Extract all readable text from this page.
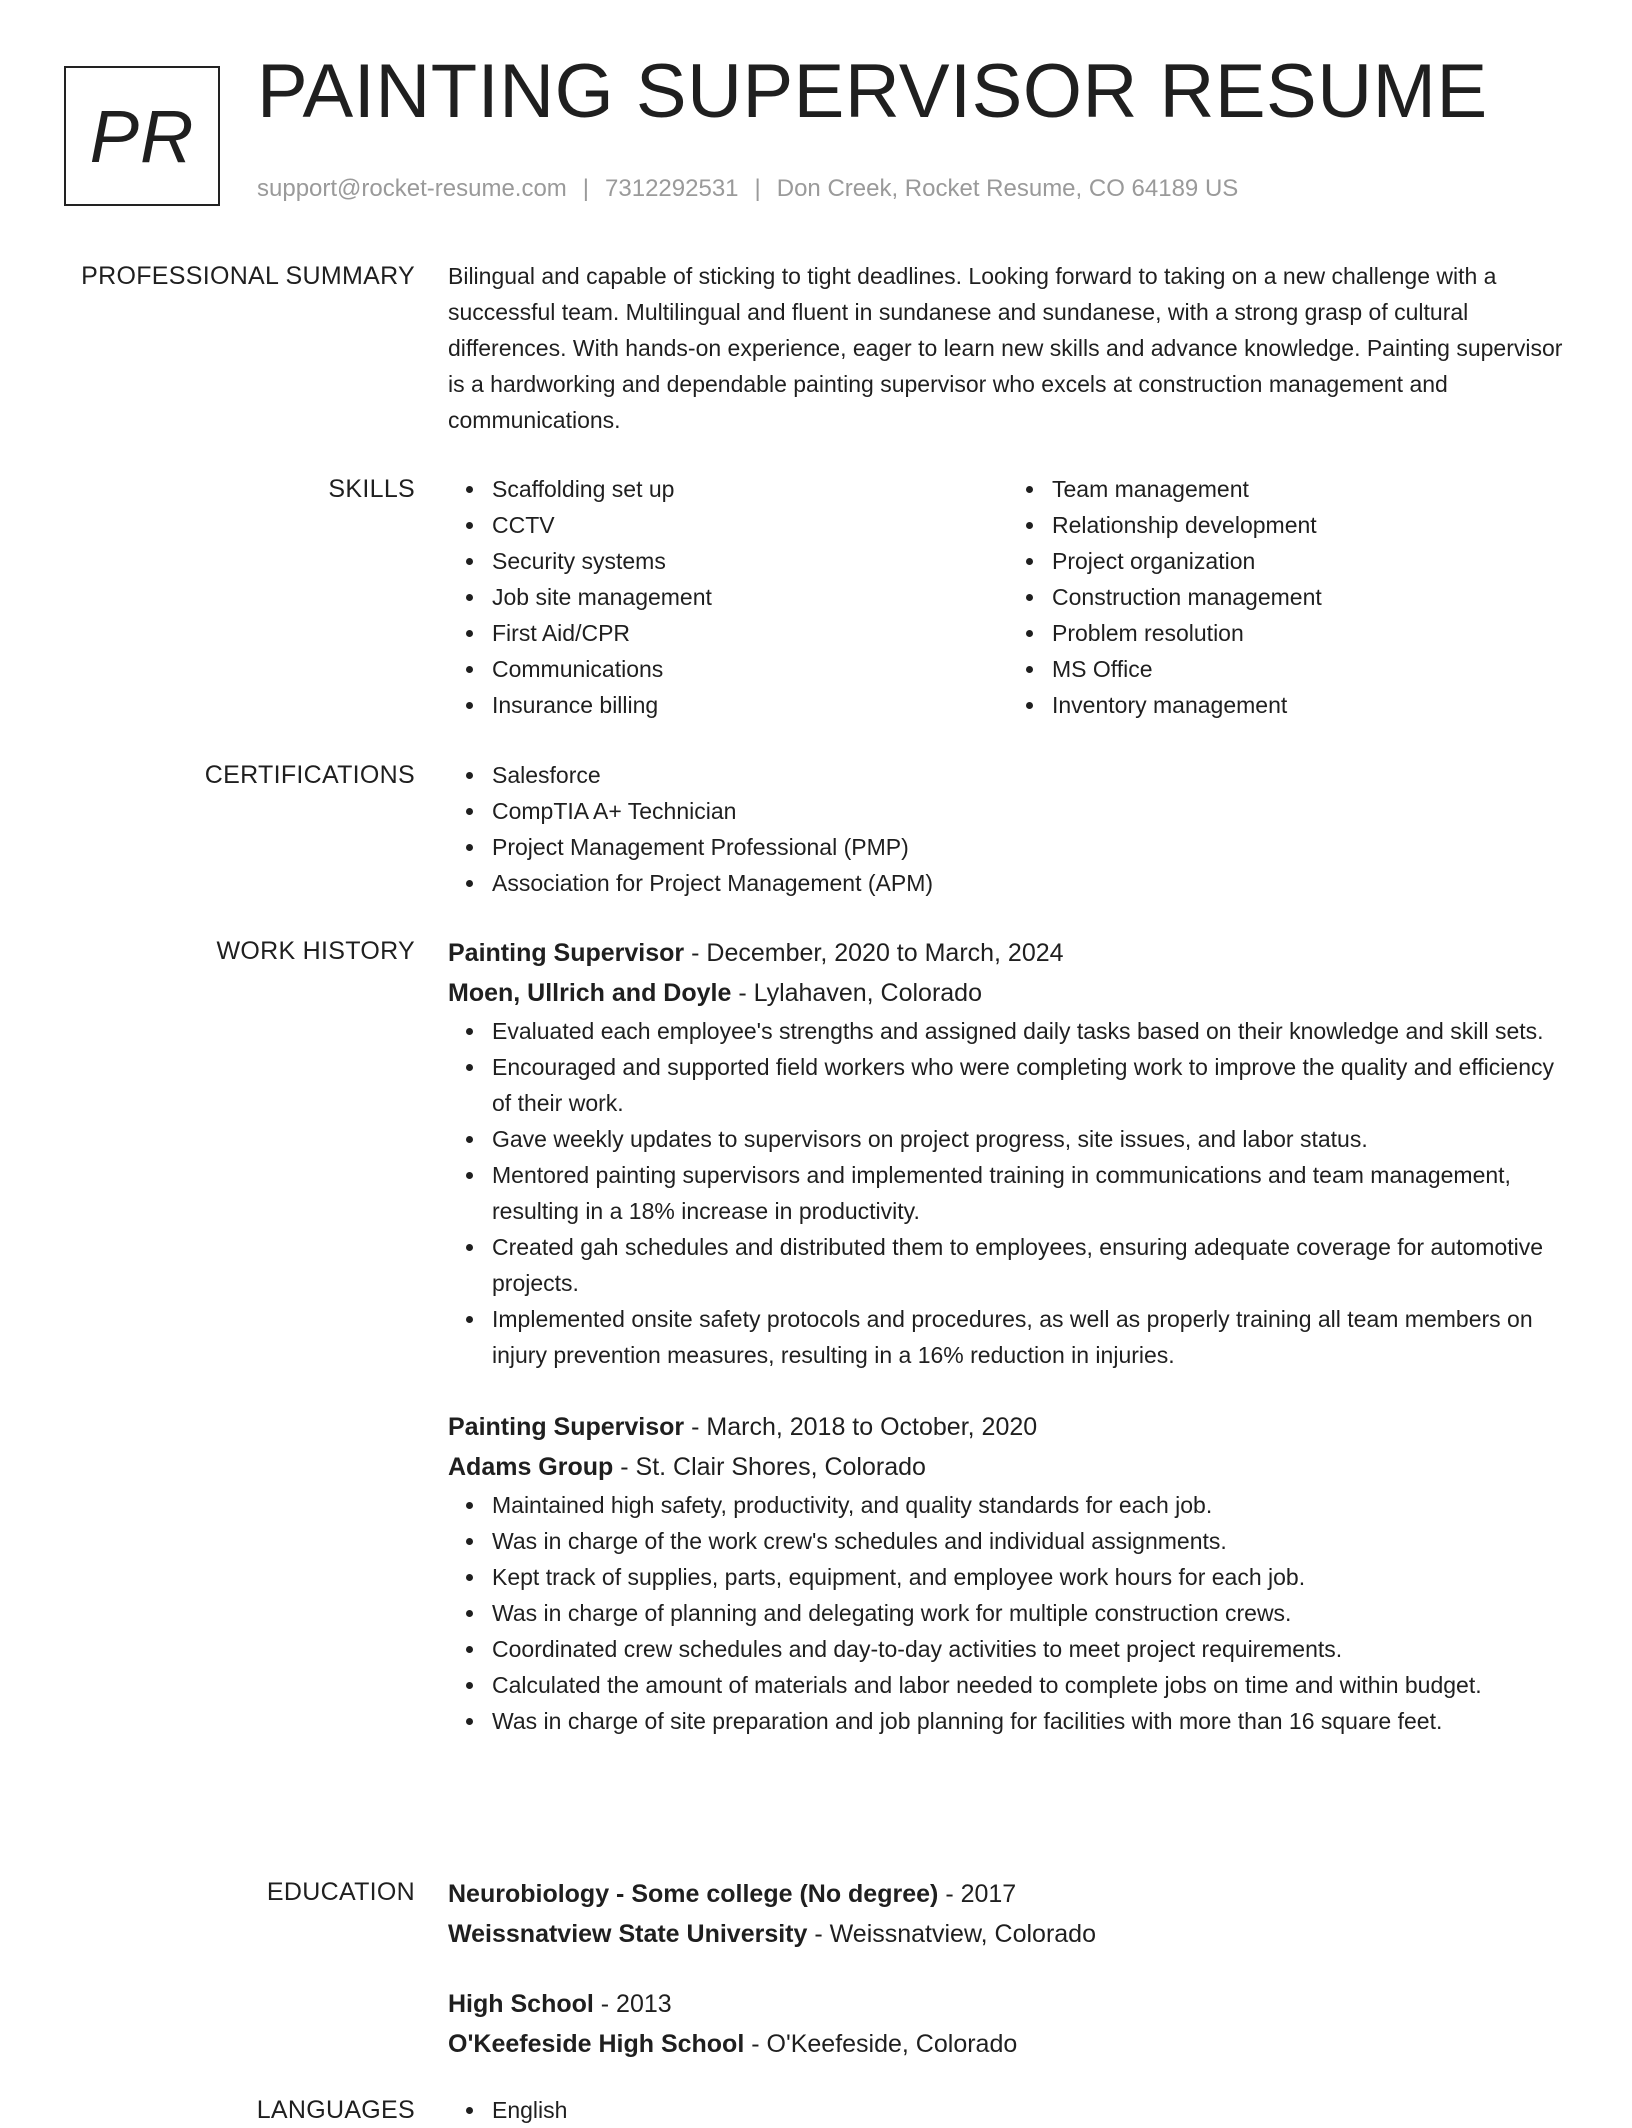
PR
PAINTING SUPERVISOR RESUME
support@rocket-resume.com | 7312292531 | Don Creek, Rocket Resume, CO 64189 US
PROFESSIONAL SUMMARY Bilingual and capable of sticking to tight deadlines. Looking forward to taking on a new challenge with a successful team. Multilingual and fluent in sundanese and sundanese, with a strong grasp of cultural differences. With hands-on experience, eager to learn new skills and advance knowledge. Painting supervisor is a hardworking and dependable painting supervisor who excels at construction management and communications.
SKILLS	Scaffolding set up
CCTV
Security systems
Job site management
First Aid/CPR
Communications
Insurance billing
Team management
Relationship development
Project organization
Construction management
Problem resolution
MS Office
Inventory management
CERTIFICATIONS	Salesforce
CompTIA A+ Technician
Project Management Professional (PMP)
Association for Project Management (APM)
WORK HISTORY Painting Supervisor - December, 2020 to March, 2024
Moen, Ullrich and Doyle - Lylahaven, Colorado
Evaluated each employee's strengths and assigned daily tasks based on their knowledge and skill sets.
Encouraged and supported field workers who were completing work to improve the quality and efficiency of their work.
Gave weekly updates to supervisors on project progress, site issues, and labor status.
Mentored painting supervisors and implemented training in communications and team management, resulting in a 18% increase in productivity.
Created gah schedules and distributed them to employees, ensuring adequate coverage for automotive projects.
Implemented onsite safety protocols and procedures, as well as properly training all team members on injury prevention measures, resulting in a 16% reduction in injuries.
Painting Supervisor - March, 2018 to October, 2020
Adams Group - St. Clair Shores, Colorado
Maintained high safety, productivity, and quality standards for each job.
Was in charge of the work crew's schedules and individual assignments.
Kept track of supplies, parts, equipment, and employee work hours for each job.
Was in charge of planning and delegating work for multiple construction crews.
Coordinated crew schedules and day-to-day activities to meet project requirements.
Calculated the amount of materials and labor needed to complete jobs on time and within budget.
Was in charge of site preparation and job planning for facilities with more than 16 square feet.
EDUCATION Neurobiology - Some college (No degree) - 2017
Weissnatview State University - Weissnatview, Colorado
High School - 2013
O'Keefeside High School - O'Keefeside, Colorado
LANGUAGES	English
